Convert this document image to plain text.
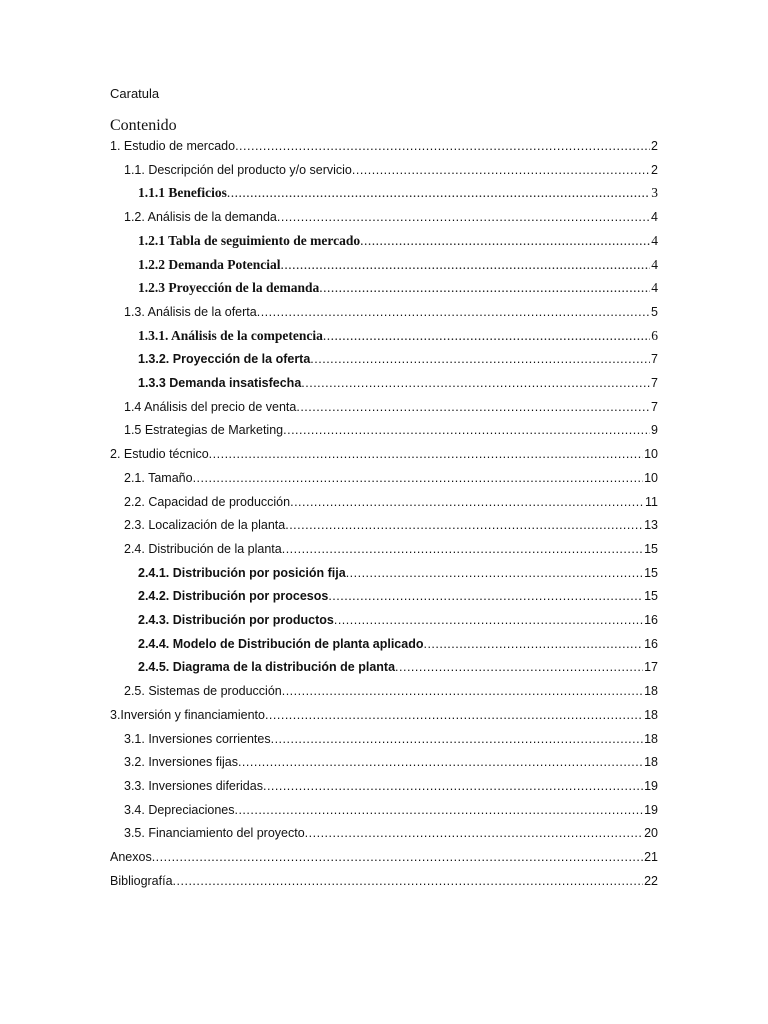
Caratula
Contenido
1. Estudio de mercado .....	2
1.1. Descripción del producto y/o servicio .....	2
1.1.1 Beneficios .....	3
1.2. Análisis de la demanda .....	4
1.2.1 Tabla de seguimiento de mercado .....	4
1.2.2 Demanda Potencial .....	4
1.2.3 Proyección de la demanda .....	4
1.3. Análisis de la oferta .....	5
1.3.1. Análisis de la competencia .....	6
1.3.2. Proyección de la oferta .....	7
1.3.3 Demanda insatisfecha .....	7
1.4 Análisis del precio de venta .....	7
1.5 Estrategias de Marketing .....	9
2. Estudio técnico .....	10
2.1. Tamaño .....	10
2.2. Capacidad de producción .....	11
2.3. Localización de la planta .....	13
2.4. Distribución de la planta .....	15
2.4.1. Distribución por posición fija .....	15
2.4.2. Distribución por procesos .....	15
2.4.3. Distribución por productos .....	16
2.4.4. Modelo de Distribución de planta aplicado .....	16
2.4.5. Diagrama de la distribución de planta .....	17
2.5. Sistemas de producción .....	18
3.Inversión y financiamiento .....	18
3.1. Inversiones corrientes .....	18
3.2. Inversiones fijas .....	18
3.3. Inversiones diferidas .....	19
3.4. Depreciaciones .....	19
3.5. Financiamiento del proyecto .....	20
Anexos .....	21
Bibliografía .....	22
